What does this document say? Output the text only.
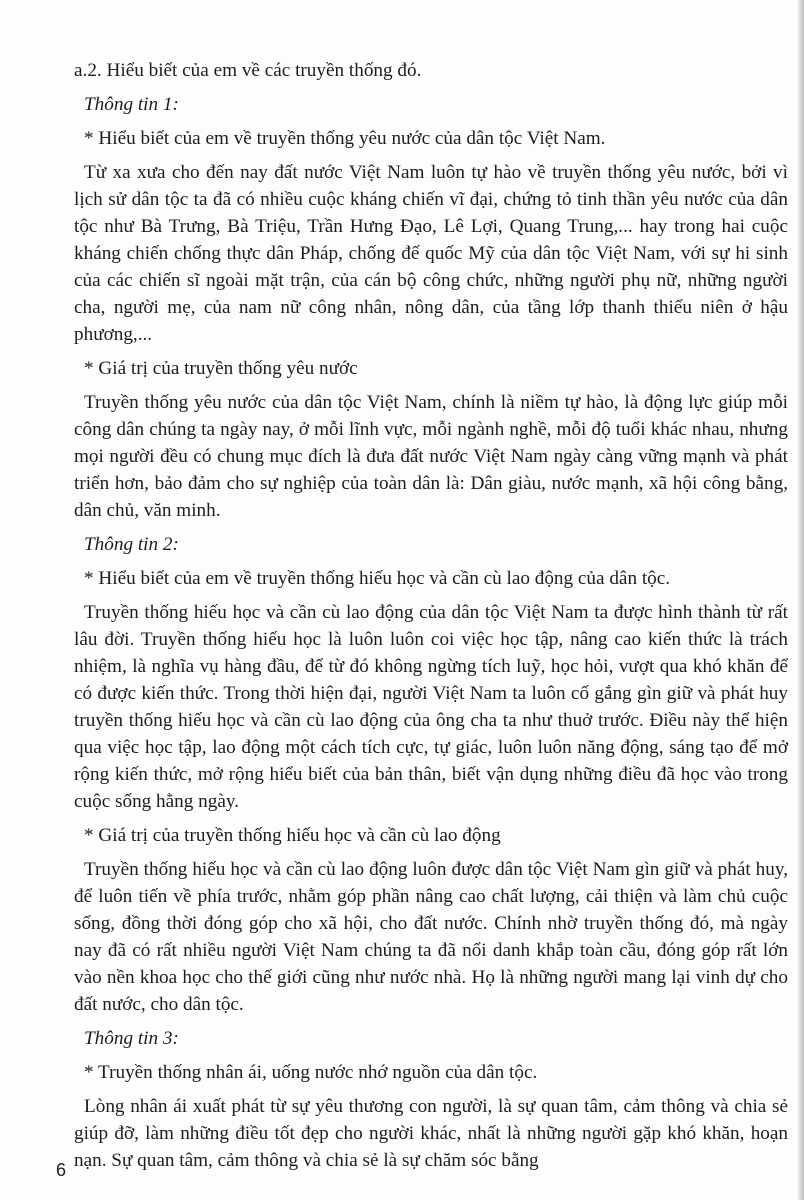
a.2. Hiểu biết của em về các truyền thống đó.

Thông tin 1:

* Hiểu biết của em về truyền thống yêu nước của dân tộc Việt Nam.

Từ xa xưa cho đến nay đất nước Việt Nam luôn tự hào về truyền thống yêu nước, bởi vì lịch sử dân tộc ta đã có nhiều cuộc kháng chiến vĩ đại, chứng tỏ tinh thần yêu nước của dân tộc như Bà Trưng, Bà Triệu, Trần Hưng Đạo, Lê Lợi, Quang Trung,... hay trong hai cuộc kháng chiến chống thực dân Pháp, chống đế quốc Mỹ của dân tộc Việt Nam, với sự hi sinh của các chiến sĩ ngoài mặt trận, của cán bộ công chức, những người phụ nữ, những người cha, người mẹ, của nam nữ công nhân, nông dân, của tầng lớp thanh thiếu niên ở hậu phương,...

* Giá trị của truyền thống yêu nước

Truyền thống yêu nước của dân tộc Việt Nam, chính là niềm tự hào, là động lực giúp mỗi công dân chúng ta ngày nay, ở mỗi lĩnh vực, mỗi ngành nghề, mỗi độ tuổi khác nhau, nhưng mọi người đều có chung mục đích là đưa đất nước Việt Nam ngày càng vững mạnh và phát triển hơn, bảo đảm cho sự nghiệp của toàn dân là: Dân giàu, nước mạnh, xã hội công bằng, dân chủ, văn minh.

Thông tin 2:

* Hiểu biết của em về truyền thống hiếu học và cần cù lao động của dân tộc.

Truyền thống hiếu học và cần cù lao động của dân tộc Việt Nam ta được hình thành từ rất lâu đời. Truyền thống hiếu học là luôn luôn coi việc học tập, nâng cao kiến thức là trách nhiệm, là nghĩa vụ hàng đầu, để từ đó không ngừng tích luỹ, học hỏi, vượt qua khó khăn để có được kiến thức. Trong thời hiện đại, người Việt Nam ta luôn cố gắng gìn giữ và phát huy truyền thống hiếu học và cần cù lao động của ông cha ta như thuở trước. Điều này thể hiện qua việc học tập, lao động một cách tích cực, tự giác, luôn luôn năng động, sáng tạo để mở rộng kiến thức, mở rộng hiểu biết của bản thân, biết vận dụng những điều đã học vào trong cuộc sống hằng ngày.

* Giá trị của truyền thống hiếu học và cần cù lao động

Truyền thống hiếu học và cần cù lao động luôn được dân tộc Việt Nam gìn giữ và phát huy, để luôn tiến về phía trước, nhằm góp phần nâng cao chất lượng, cải thiện và làm chủ cuộc sống, đồng thời đóng góp cho xã hội, cho đất nước. Chính nhờ truyền thống đó, mà ngày nay đã có rất nhiều người Việt Nam chúng ta đã nổi danh khắp toàn cầu, đóng góp rất lớn vào nền khoa học cho thế giới cũng như nước nhà. Họ là những người mang lại vinh dự cho đất nước, cho dân tộc.

Thông tin 3:

* Truyền thống nhân ái, uống nước nhớ nguồn của dân tộc.

Lòng nhân ái xuất phát từ sự yêu thương con người, là sự quan tâm, cảm thông và chia sẻ giúp đỡ, làm những điều tốt đẹp cho người khác, nhất là những người gặp khó khăn, hoạn nạn. Sự quan tâm, cảm thông và chia sẻ là sự chăm sóc bằng

6
